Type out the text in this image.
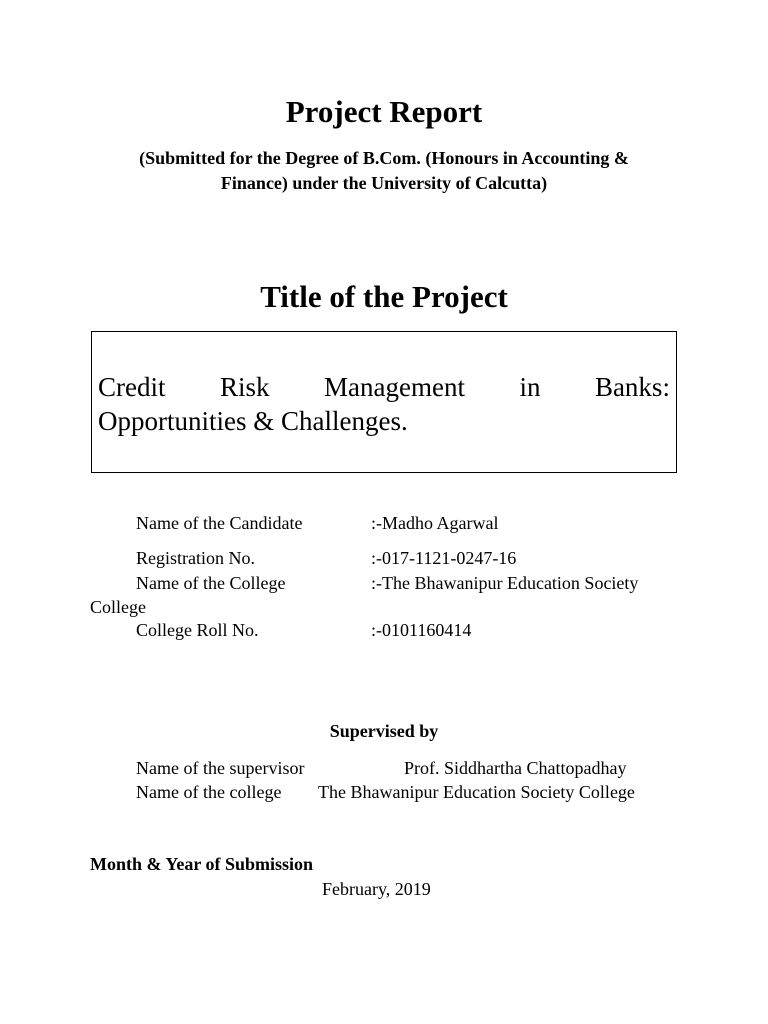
Project Report
(Submitted for the Degree of B.Com. (Honours in Accounting &
Finance) under the University of Calcutta)
Title of the Project
Credit Risk Management in Banks:
Opportunities & Challenges.
Name of the Candidate	:-Madho Agarwal
Registration No.	:-017-1121-0247-16
Name of the College	:-The Bhawanipur Education Society
College
College Roll No.	:-0101160414
Supervised by
Name of the supervisor	Prof. Siddhartha Chattopadhay
Name of the college The Bhawanipur Education Society College
Month & Year of Submission
February, 2019
